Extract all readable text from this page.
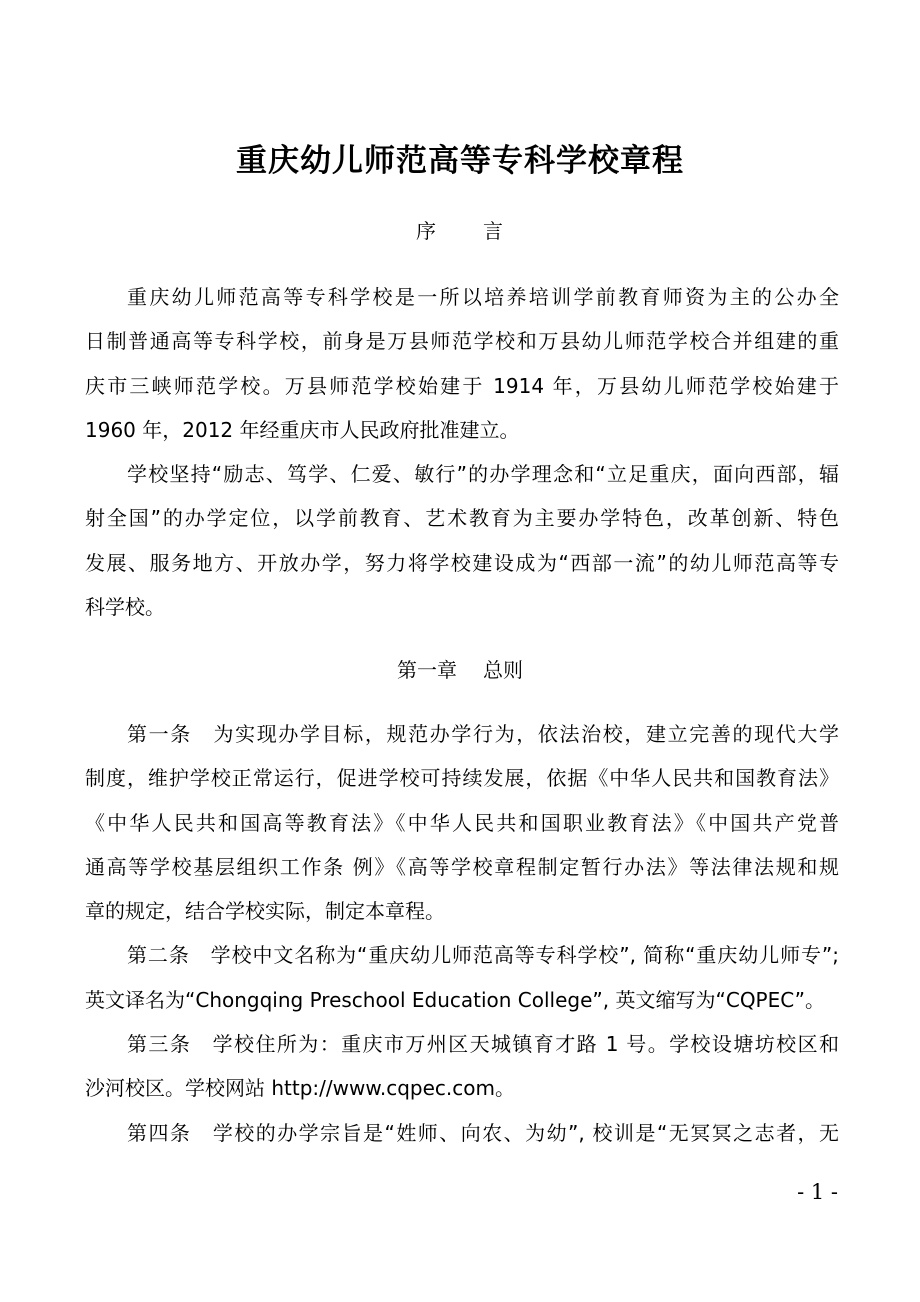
重庆幼儿师范高等专科学校章程
序 言
重庆幼儿师范高等专科学校是一所以培养培训学前教育师资为主的公办全
日制普通高等专科学校，前身是万县师范学校和万县幼儿师范学校合并组建的重
庆市三峡师范学校。万县师范学校始建于 1914 年，万县幼儿师范学校始建于
1960 年，2012 年经重庆市人民政府批准建立。
学校坚持“励志、笃学、仁爱、敏行”的办学理念和“立足重庆，面向西部，辐
射全国”的办学定位，以学前教育、艺术教育为主要办学特色，改革创新、特色
发展、服务地方、开放办学，努力将学校建设成为“西部一流”的幼儿师范高等专
科学校。
第一章 总则
第一条　为实现办学目标，规范办学行为，依法治校，建立完善的现代大学
制度，维护学校正常运行，促进学校可持续发展，依据《中华人民共和国教育法》
《中华人民共和国高等教育法》《中华人民共和国职业教育法》《中国共产党普
通高等学校基层组织工作条 例》《高等学校章程制定暂行办法》等法律法规和规
章的规定，结合学校实际，制定本章程。
第二条　学校中文名称为“重庆幼儿师范高等专科学校”, 简称“重庆幼儿师专”;
英文译名为“Chongqing Preschool Education College”, 英文缩写为“CQPEC”。
第三条　学校住所为：重庆市万州区天城镇育才路 1 号。学校设塘坊校区和
沙河校区。学校网站 http://www.cqpec.com。
第四条　学校的办学宗旨是“姓师、向农、为幼”, 校训是“无冥冥之志者，无
- 1 -
